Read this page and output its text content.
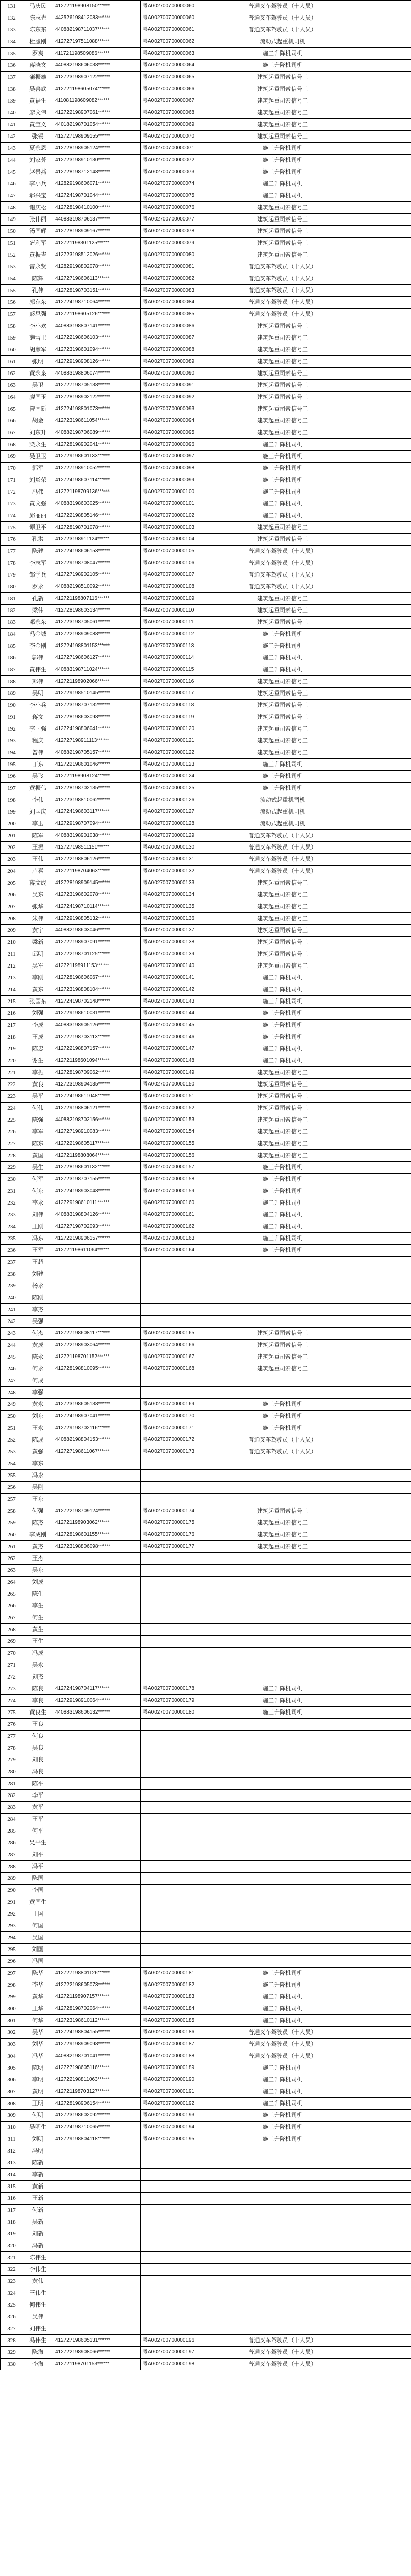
131	马庆民	412721198908150******	粤A002700700000060	普通叉车驾驶员（十人员）	
132	陈志光	442526198412083******	粤A002700700000060	普通叉车驾驶员（十人员）	
133	陈东东	440882198711037******	粤A002700700000061	普通叉车驾驶员（十人员）	
134	杜虚刚	412727197511088******	粤A002700700000062	流动式起重机司机	
135	罗爽	411721198509086******	粤A002700700000063	施工升降机司机	
136	蒋晓文	440882198606038******	粤A002700700000064	施工升降机司机	
137	蒲振雄	412723198907122******	粤A002700700000065	建筑起重司索信号工	
138	吴善武	412721198605074******	粤A002700700000066	建筑起重司索信号工	
139	黄福生	411081198609082******	粤A002700700000067	建筑起重司索信号工	
140	廖文伟	412722198907061******	粤A002700700000068	建筑起重司索信号工	
141	黄宝义	440182198701054******	粤A002700700000069	建筑起重司索信号工	
142	张锡	412727198909155******	粤A002700700000070	建筑起重司索信号工	
143	夏永恩	412728198905124******	粤A002700700000071	施工升降机司机	
144	刘家芳	412723198910130******	粤A002700700000072	施工升降机司机	
145	赵景燕	412728198712148******	粤A002700700000073	施工升降机司机	
146	李小兵	412829198606071******	粤A002700700000074	施工升降机司机	
147	郝兴宝	412724198701044******	粤A002700700000075	施工升降机司机	
148	谢庆松	412728198410100******	粤A002700700000076	建筑起重司索信号工	
149	张伟丽	440883198706137******	粤A002700700000077	建筑起重司索信号工	
150	汤国辉	412728198909167******	粤A002700700000078	建筑起重司索信号工	
151	薛利军	412721198301125******	粤A002700700000079	建筑起重司索信号工	
152	黄振吉	412723198512026******	粤A002700700000080	建筑起重司索信号工	
153	雷永贤	412829198802078******	粤A002700700000081	普通叉车驾驶员（十人员）	
154	陈辉	412727198606113******	粤A002700700000082	普通叉车驾驶员（十人员）	
155	孔伟	412728198703151******	粤A002700700000083	普通叉车驾驶员（十人员）	
156	郭东东	412724198710064******	粤A002700700000084	普通叉车驾驶员（十人员）	
157	彭思强	412721198605126******	粤A002700700000085	普通叉车驾驶员（十人员）	
158	李小欢	440883198807141******	粤A002700700000086	建筑起重司索信号工	
159	薛雪卫	412722198606103******	粤A002700700000087	建筑起重司索信号工	
160	胡彦军	412723198601094******	粤A002700700000088	建筑起重司索信号工	
161	张明	412729198908126******	粤A002700700000089	建筑起重司索信号工	
162	黄永泉	440883198806074******	粤A002700700000090	建筑起重司索信号工	
163	吴卫	412727198705138******	粤A002700700000091	建筑起重司索信号工	
164	廖国玉	412728198902122******	粤A002700700000092	建筑起重司索信号工	
165	曾国新	412724198801073******	粤A002700700000093	建筑起重司索信号工	
166	胡金	412723198611054******	粤A002700700000094	建筑起重司索信号工	
167	刘东升	440882198706089******	粤A002700700000095	建筑起重司索信号工	
168	梁永生	412728198902041******	粤A002700700000096	施工升降机司机	
169	吴卫卫	412729198601133******	粤A002700700000097	施工升降机司机	
170	郭军	412727198910052******	粤A002700700000098	施工升降机司机	
171	刘炎荣	412724198607114******	粤A002700700000099	施工升降机司机	
172	冯伟	412721198709136******	粤A002700700000100	施工升降机司机	
173	黄文强	440883198603025******	粤A002700700000101	施工升降机司机	
174	邱丽丽	412722198805146******	粤A002700700000102	施工升降机司机	
175	谭卫平	412728198701078******	粤A002700700000103	建筑起重司索信号工	
176	孔洪	412723198911124******	粤A002700700000104	建筑起重司索信号工	
177	陈建	412724198606153******	粤A002700700000105	普通叉车驾驶员（十人员）	
178	李志军	412729198708047******	粤A002700700000106	普通叉车驾驶员（十人员）	
179	邹学兵	412727198902105******	粤A002700700000107	普通叉车驾驶员（十人员）	
180	罗永	440882198510092******	粤A002700700000108	普通叉车驾驶员（十人员）	
181	孔新	412721198807116******	粤A002700700000109	建筑起重司索信号工	
182	梁伟	412728198603134******	粤A002700700000110	建筑起重司索信号工	
183	邓永东	412723198705061******	粤A002700700000111	建筑起重司索信号工	
184	冯金城	412722198909088******	粤A002700700000112	施工升降机司机	
185	李金刚	412724198801153******	粤A002700700000113	施工升降机司机	
186	郭伟	412727198606127******	粤A002700700000114	施工升降机司机	
187	黄伟生	440883198711024******	粤A002700700000115	施工升降机司机	
188	邓伟	412721198902066******	粤A002700700000116	建筑起重司索信号工	
189	吴明	412729198510145******	粤A002700700000117	建筑起重司索信号工	
190	李小兵	412723198707132******	粤A002700700000118	建筑起重司索信号工	
191	蒋文	412728198603098******	粤A002700700000119	建筑起重司索信号工	
192	李国强	412724198806041******	粤A002700700000120	建筑起重司索信号工	
193	程庆	412727198911113******	粤A002700700000121	建筑起重司索信号工	
194	曾伟	440882198705157******	粤A002700700000122	建筑起重司索信号工	
195	丁东	412722198601046******	粤A002700700000123	施工升降机司机	
196	吴飞	412721198908124******	粤A002700700000124	施工升降机司机	
197	黄振伟	412728198702135******	粤A002700700000125	施工升降机司机	
198	李伟	412723198810062******	粤A002700700000126	流动式起重机司机	
199	刘国庆	412724198603117******	粤A002700700000127	流动式起重机司机	
200	李玉	412729198707094******	粤A002700700000128	流动式起重机司机	
201	陈军	440883198901038******	粤A002700700000129	普通叉车驾驶员（十人员）	
202	王振	412727198511151******	粤A002700700000130	普通叉车驾驶员（十人员）	
203	王伟	412722198806126******	粤A002700700000131	普通叉车驾驶员（十人员）	
204	卢喜	412721198704063******	粤A002700700000132	普通叉车驾驶员（十人员）	
205	蒋文成	412728198909145******	粤A002700700000133	建筑起重司索信号工	
206	吴东	412723198602078******	粤A002700700000134	建筑起重司索信号工	
207	张华	412724198710114******	粤A002700700000135	建筑起重司索信号工	
208	朱伟	412729198805132******	粤A002700700000136	建筑起重司索信号工	
209	黄宇	440882198603046******	粤A002700700000137	建筑起重司索信号工	
210	梁新	412727198907091******	粤A002700700000138	建筑起重司索信号工	
211	邱明	412722198701125******	粤A002700700000139	建筑起重司索信号工	
212	吴军	412721198911153******	粤A002700700000140	建筑起重司索信号工	
213	李刚	412728198606067******	粤A002700700000141	施工升降机司机	
214	黄东	412723198808104******	粤A002700700000142	施工升降机司机	
215	张国东	412724198702148******	粤A002700700000143	施工升降机司机	
216	刘强	412729198610031******	粤A002700700000144	施工升降机司机	
217	李成	440883198905126******	粤A002700700000145	施工升降机司机	
218	王成	412727198703113******	粤A002700700000146	施工升降机司机	
219	陈忠	412722198807157******	粤A002700700000147	施工升降机司机	
220	谢生	412721198601094******	粤A002700700000148	施工升降机司机	
221	李振	412728198709062******	粤A002700700000149	建筑起重司索信号工	
222	黄良	412723198904135******	粤A002700700000150	建筑起重司索信号工	
223	吴平	412724198611048******	粤A002700700000151	建筑起重司索信号工	
224	何伟	412729198806121******	粤A002700700000152	建筑起重司索信号工	
225	陈强	440882198702156******	粤A002700700000153	建筑起重司索信号工	
226	李军	412727198910083******	粤A002700700000154	建筑起重司索信号工	
227	陈东	412722198605117******	粤A002700700000155	建筑起重司索信号工	
228	黄国	412721198808064******	粤A002700700000156	建筑起重司索信号工	
229	吴生	412728198601132******	粤A002700700000157	施工升降机司机	
230	何军	412723198707155******	粤A002700700000158	施工升降机司机	
231	何东	412724198903048******	粤A002700700000159	施工升降机司机	
232	李永	412729198610111******	粤A002700700000160	施工升降机司机	
233	刘伟	440883198804126******	粤A002700700000161	施工升降机司机	
234	王刚	412727198702093******	粤A002700700000162	施工升降机司机	
235	冯东	412722198906157******	粤A002700700000163	施工升降机司机	
236	王军	412721198611064******	粤A002700700000164	施工升降机司机	
237	王超				
238	刘建				
239	杨永				
240	陈刚				
241	李杰				
242	吴强				
243	何杰	412727198608117******	粤A002700700000165	建筑起重司索信号工	
244	黄成	412722198903064******	粤A002700700000166	建筑起重司索信号工	
245	陈永	412721198701152******	粤A002700700000167	建筑起重司索信号工	
246	何永	412728198810095******	粤A002700700000168	建筑起重司索信号工	
247	何成				
248	李强				
249	黄永	412723198605138******	粤A002700700000169	施工升降机司机	
250	刘东	412724198907041******	粤A002700700000170	施工升降机司机	
251	王永	412729198702116******	粤A002700700000171	施工升降机司机	
252	陈成	440882198804153******	粤A002700700000172	普通叉车驾驶员（十人员）	
253	黄强	412727198611067******	粤A002700700000173	普通叉车驾驶员（十人员）	
254	李东				
255	冯永				
256	吴刚				
257	王东				
258	何强	412722198709124******	粤A002700700000174	建筑起重司索信号工	
259	陈杰	412721198903062******	粤A002700700000175	建筑起重司索信号工	
260	李成刚	412728198601155******	粤A002700700000176	建筑起重司索信号工	
261	黄杰	412723198806098******	粤A002700700000177	建筑起重司索信号工	
262	王杰				
263	吴东				
264	刘成				
265	陈生				
266	李生				
267	何生				
268	黄生				
269	王生				
270	冯成				
271	吴永				
272	刘杰				
273	陈良	412724198704117******	粤A002700700000178	施工升降机司机	
274	李良	412729198910064******	粤A002700700000179	施工升降机司机	
275	黄良生	440883198606132******	粤A002700700000180	施工升降机司机	
276	王良				
277	何良				
278	吴良				
279	刘良				
280	冯良				
281	陈平				
282	李平				
283	黄平				
284	王平				
285	何平				
286	吴平生				
287	刘平				
288	冯平				
289	陈国				
290	李国				
291	黄国生				
292	王国				
293	何国				
294	吴国				
295	刘国				
296	冯国				
297	陈华	412727198801126******	粤A002700700000181	施工升降机司机	
298	李华	412722198605073******	粤A002700700000182	施工升降机司机	
299	黄华	412721198907157******	粤A002700700000183	施工升降机司机	
300	王华	412728198702064******	粤A002700700000184	施工升降机司机	
301	何华	412723198610112******	粤A002700700000185	施工升降机司机	
302	吴华	412724198804155******	粤A002700700000186	普通叉车驾驶员（十人员）	
303	刘华	412729198909098******	粤A002700700000187	普通叉车驾驶员（十人员）	
304	冯华	440882198701041******	粤A002700700000188	普通叉车驾驶员（十人员）	
305	陈明	412727198605116******	粤A002700700000189	施工升降机司机	
306	李明	412722198811063******	粤A002700700000190	施工升降机司机	
307	黄明	412721198703127******	粤A002700700000191	施工升降机司机	
308	王明	412728198906154******	粤A002700700000192	施工升降机司机	
309	何明	412723198602092******	粤A002700700000193	施工升降机司机	
310	吴明生	412724198710065******	粤A002700700000194	施工升降机司机	
311	刘明	412729198804118******	粤A002700700000195	施工升降机司机	
312	冯明				
313	陈新				
314	李新				
315	黄新				
316	王新				
317	何新				
318	吴新				
319	刘新				
320	冯新				
321	陈伟生				
322	李伟生				
323	黄伟				
324	王伟生				
325	何伟生				
326	吴伟				
327	刘伟生				
328	冯伟生	412727198605131******	粤A002700700000196	普通叉车驾驶员（十人员）	
329	陈海	412722198908066******	粤A002700700000197	普通叉车驾驶员（十人员）	
330	李海	412721198701153******	粤A002700700000198	普通叉车驾驶员（十人员）	
